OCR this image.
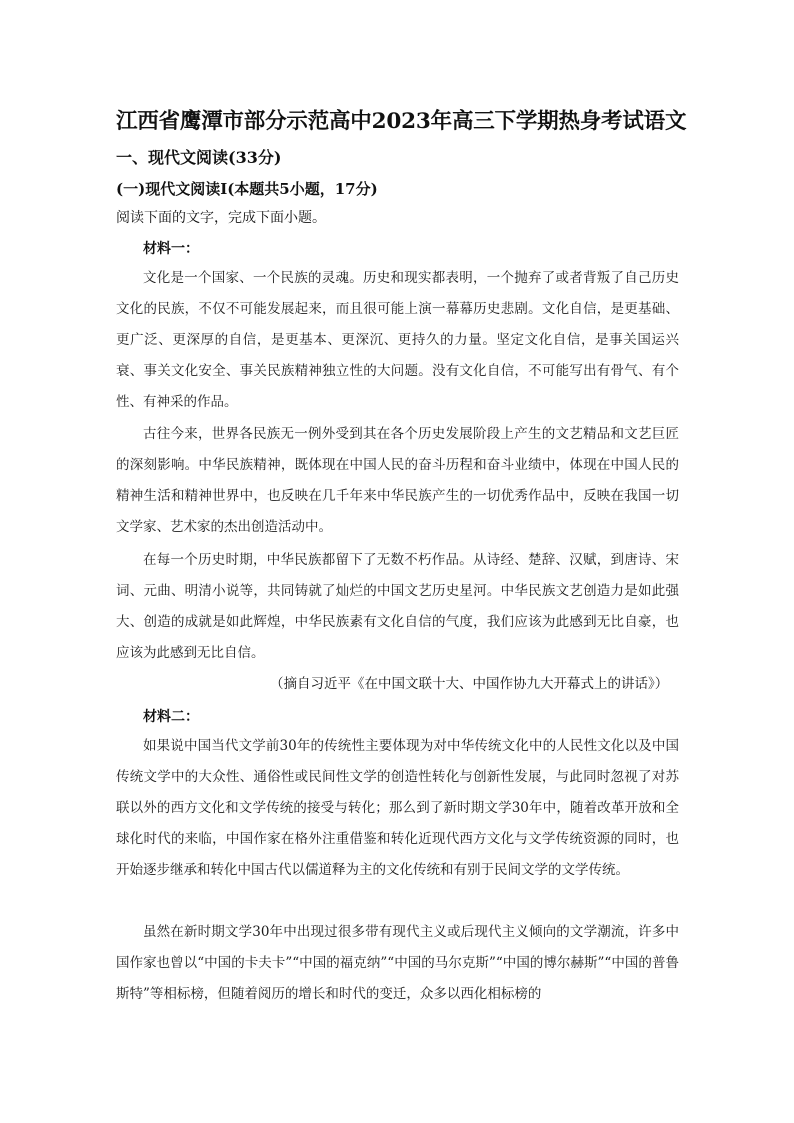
江西省鹰潭市部分示范高中2023年高三下学期热身考试语文
一、现代文阅读(33分)
(一)现代文阅读Ⅰ(本题共5小题，17分)
阅读下面的文字，完成下面小题。
材料一：
文化是一个国家、一个民族的灵魂。历史和现实都表明，一个抛弃了或者背叛了自己历史文化的民族，不仅不可能发展起来，而且很可能上演一幕幕历史悲剧。文化自信，是更基础、更广泛、更深厚的自信，是更基本、更深沉、更持久的力量。坚定文化自信，是事关国运兴衰、事关文化安全、事关民族精神独立性的大问题。没有文化自信，不可能写出有骨气、有个性、有神采的作品。
古往今来，世界各民族无一例外受到其在各个历史发展阶段上产生的文艺精品和文艺巨匠的深刻影响。中华民族精神，既体现在中国人民的奋斗历程和奋斗业绩中，体现在中国人民的精神生活和精神世界中，也反映在几千年来中华民族产生的一切优秀作品中，反映在我国一切文学家、艺术家的杰出创造活动中。
在每一个历史时期，中华民族都留下了无数不朽作品。从诗经、楚辞、汉赋，到唐诗、宋词、元曲、明清小说等，共同铸就了灿烂的中国文艺历史星河。中华民族文艺创造力是如此强大、创造的成就是如此辉煌，中华民族素有文化自信的气度，我们应该为此感到无比自豪，也应该为此感到无比自信。
（摘自习近平《在中国文联十大、中国作协九大开幕式上的讲话》）
材料二：
如果说中国当代文学前30年的传统性主要体现为对中华传统文化中的人民性文化以及中国传统文学中的大众性、通俗性或民间性文学的创造性转化与创新性发展，与此同时忽视了对苏联以外的西方文化和文学传统的接受与转化；那么到了新时期文学30年中，随着改革开放和全球化时代的来临，中国作家在格外注重借鉴和转化近现代西方文化与文学传统资源的同时，也开始逐步继承和转化中国古代以儒道释为主的文化传统和有别于民间文学的文学传统。
虽然在新时期文学30年中出现过很多带有现代主义或后现代主义倾向的文学潮流，许多中国作家也曾以“中国的卡夫卡”“中国的福克纳”“中国的马尔克斯”“中国的博尔赫斯”“中国的普鲁斯特”等相标榜，但随着阅历的增长和时代的变迁，众多以西化相标榜的
